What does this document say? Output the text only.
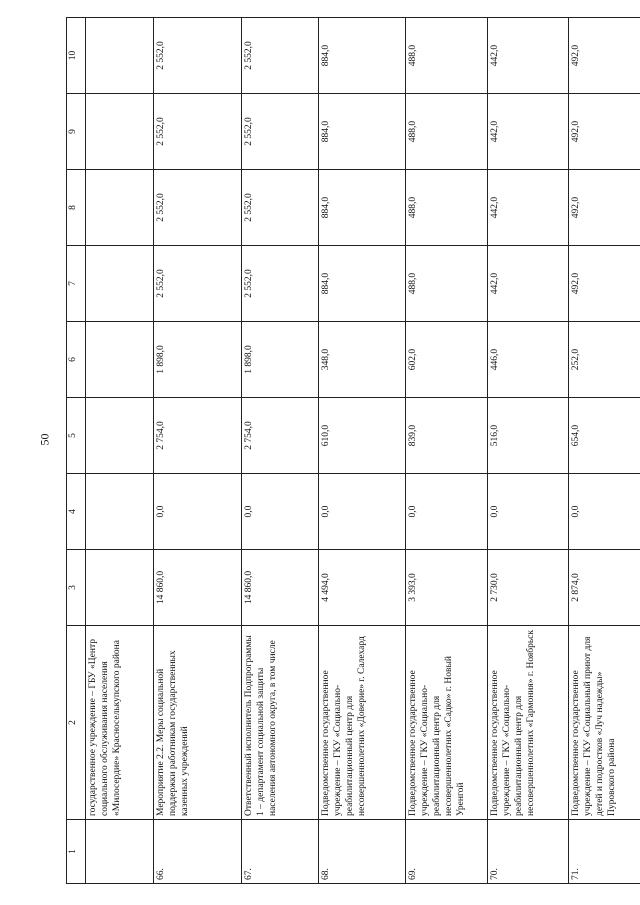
50
1	2	3	4	5	6	7	8	9	10
	государственное учреждение – ГБУ «Центр социального обслуживания населения «Милосердие» Красноселькупского района								
66.	Мероприятие 2.2. Меры социальной поддержки работникам государственных казенных учреждений	14 860,0	0,0	2 754,0	1 898,0	2 552,0	2 552,0	2 552,0	2 552,0
67.	Ответственный исполнитель Подпрограммы 1 – департамент социальной защиты населения автономного округа, в том числе	14 860,0	0,0	2 754,0	1 898,0	2 552,0	2 552,0	2 552,0	2 552,0
68.	Подведомственное государственное учреждение – ГКУ «Социально-реабилитационный центр для несовершеннолетних «Доверие» г. Салехард	4 494,0	0,0	610,0	348,0	884,0	884,0	884,0	884,0
69.	Подведомственное государственное учреждение – ГКУ «Социально-реабилитационный центр для несовершеннолетних «Садко» г. Новый Уренгой	3 393,0	0,0	839,0	602,0	488,0	488,0	488,0	488,0
70.	Подведомственное государственное учреждение – ГКУ «Социально-реабилитационный центр для несовершеннолетних «Гармония» г. Ноябрьск	2 730,0	0,0	516,0	446,0	442,0	442,0	442,0	442,0
71.	Подведомственное государственное учреждение – ГКУ «Социальный приют для детей и подростков «Луч надежды» Пуровского района	2 874,0	0,0	654,0	252,0	492,0	492,0	492,0	492,0
